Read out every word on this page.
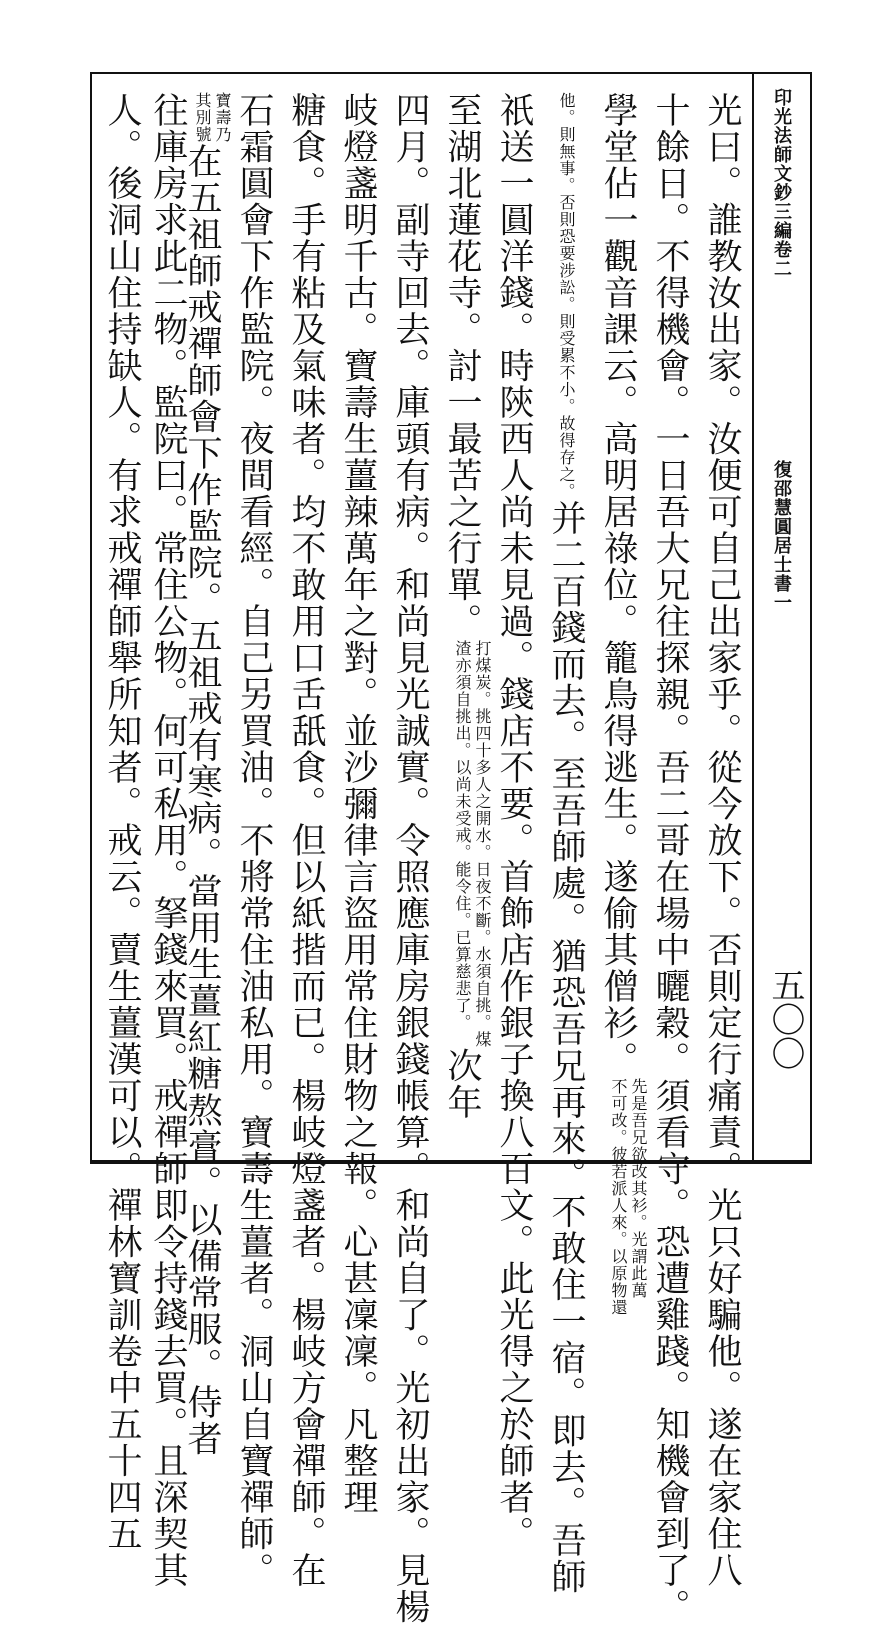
印光法師文鈔三編卷二
復邵慧圓居士書一
五〇〇
光曰。誰教汝出家。汝便可自己出家乎。從今放下。否則定行痛責。光只好騙他。遂在家住八
十餘日。不得機會。一日吾大兄往探親。吾二哥在場中曬穀。須看守。恐遭雞踐。知機會到了。
學堂佔一觀音課云。高明居祿位。籠鳥得逃生。遂偷其僧衫。
先是吾兄欲改其衫。光謂此萬
不可改。彼若派人來。以原物還
他。則無事。否則恐要涉訟。則受累不小。故得存之。
并二百錢而去。至吾師處。猶恐吾兄再來。不敢住一宿。即去。吾師
祇送一圓洋錢。時陝西人尚未見過。錢店不要。首飾店作銀子換八百文。此光得之於師者。
至湖北蓮花寺。討一最苦之行單。
打煤炭。挑四十多人之開水。日夜不斷。水須自挑。煤
渣亦須自挑出。以尚未受戒。能令住。已算慈悲了。
次年
四月。副寺回去。庫頭有病。和尚見光誠實。令照應庫房銀錢帳算。和尚自了。光初出家。見楊
岐燈盞明千古。寶壽生薑辣萬年之對。並沙彌律言盜用常住財物之報。心甚凜凜。凡整理
糖食。手有粘及氣味者。均不敢用口舌舐食。但以紙揩而已。楊岐燈盞者。楊岐方會禪師。在
石霜圓會下作監院。夜間看經。自己另買油。不將常住油私用。寶壽生薑者。洞山自寶禪師。
寶壽乃
其別號
在五祖師戒禪師會下作監院。五祖戒有寒病。當用生薑紅糖熬膏。以備常服。侍者
往庫房求此二物。監院曰。常住公物。何可私用。拏錢來買。戒禪師即令持錢去買。且深契其
人。後洞山住持缺人。有求戒禪師舉所知者。戒云。賣生薑漢可以。禪林寶訓卷中五十四五
